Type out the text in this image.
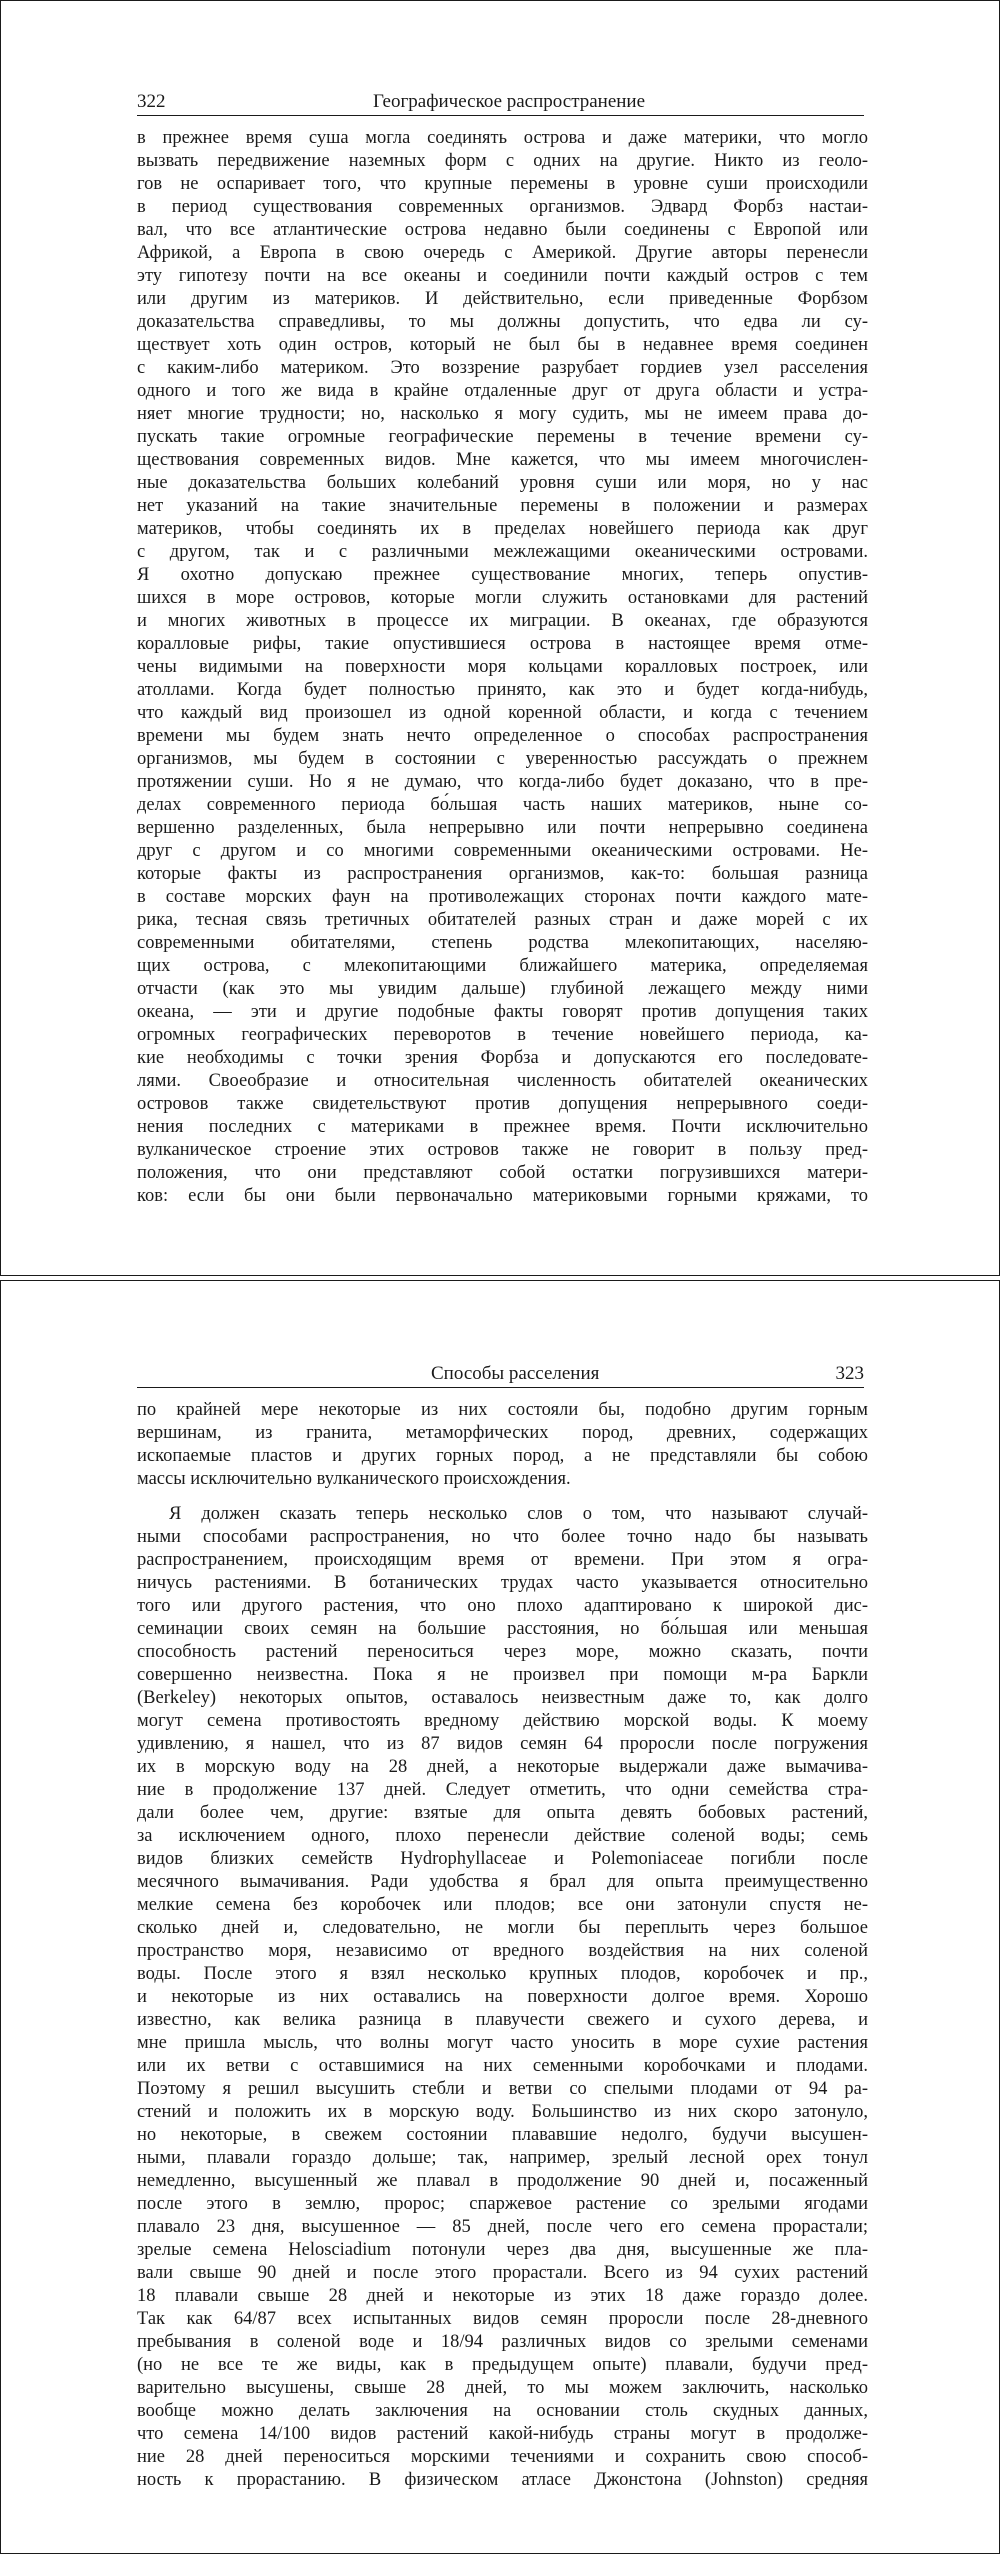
322	Географическое распространение
в прежнее время суша могла соединять острова и даже материки, что могло
вызвать передвижение наземных форм с одних на другие. Никто из геоло-
гов не оспаривает того, что крупные перемены в уровне суши происходили
в период существования современных организмов. Эдвард Форбз настаи-
вал, что все атлантические острова недавно были соединены с Европой или
Африкой, а Европа в свою очередь с Америкой. Другие авторы перенесли
эту гипотезу почти на все океаны и соединили почти каждый остров с тем
или другим из материков. И действительно, если приведенные Форбзом
доказательства справедливы, то мы должны допустить, что едва ли су-
ществует хоть один остров, который не был бы в недавнее время соединен
с каким-либо материком. Это воззрение разрубает гордиев узел расселения
одного и того же вида в крайне отдаленные друг от друга области и устра-
няет многие трудности; но, насколько я могу судить, мы не имеем права до-
пускать такие огромные географические перемены в течение времени су-
ществования современных видов. Мне кажется, что мы имеем многочислен-
ные доказательства больших колебаний уровня суши или моря, но у нас
нет указаний на такие значительные перемены в положении и размерах
материков, чтобы соединять их в пределах новейшего периода как друг
с другом, так и с различными межлежащими океаническими островами.
Я охотно допускаю прежнее существование многих, теперь опустив-
шихся в море островов, которые могли служить остановками для растений
и многих животных в процессе их миграции. В океанах, где образуются
коралловые рифы, такие опустившиеся острова в настоящее время отме-
чены видимыми на поверхности моря кольцами коралловых построек, или
атоллами. Когда будет полностью принято, как это и будет когда-нибудь,
что каждый вид произошел из одной коренной области, и когда с течением
времени мы будем знать нечто определенное о способах распространения
организмов, мы будем в состоянии с уверенностью рассуждать о прежнем
протяжении суши. Но я не думаю, что когда-либо будет доказано, что в пре-
делах современного периода бо́льшая часть наших материков, ныне со-
вершенно разделенных, была непрерывно или почти непрерывно соединена
друг с другом и со многими современными океаническими островами. Не-
которые факты из распространения организмов, как-то: большая разница
в составе морских фаун на противолежащих сторонах почти каждого мате-
рика, тесная связь третичных обитателей разных стран и даже морей с их
современными обитателями, степень родства млекопитающих, населяю-
щих острова, с млекопитающими ближайшего материка, определяемая
отчасти (как это мы увидим дальше) глубиной лежащего между ними
океана, — эти и другие подобные факты говорят против допущения таких
огромных географических переворотов в течение новейшего периода, ка-
кие необходимы с точки зрения Форбза и допускаются его последовате-
лями. Своеобразие и относительная численность обитателей океанических
островов также свидетельствуют против допущения непрерывного соеди-
нения последних с материками в прежнее время. Почти исключительно
вулканическое строение этих островов также не говорит в пользу пред-
положения, что они представляют собой остатки погрузившихся матери-
ков: если бы они были первоначально материковыми горными кряжами, то
Способы расселения	323
по крайней мере некоторые из них состояли бы, подобно другим горным
вершинам, из гранита, метаморфических пород, древних, содержащих
ископаемые пластов и других горных пород, а не представляли бы собою
массы исключительно вулканического происхождения.
Я должен сказать теперь несколько слов о том, что называют случай-
ными способами распространения, но что более точно надо бы называть
распространением, происходящим время от времени. При этом я огра-
ничусь растениями. В ботанических трудах часто указывается относительно
того или другого растения, что оно плохо адаптировано к широкой дис-
семинации своих семян на большие расстояния, но бо́льшая или меньшая
способность растений переноситься через море, можно сказать, почти
совершенно неизвестна. Пока я не произвел при помощи м-ра Баркли
(Berkeley) некоторых опытов, оставалось неизвестным даже то, как долго
могут семена противостоять вредному действию морской воды. К моему
удивлению, я нашел, что из 87 видов семян 64 проросли после погружения
их в морскую воду на 28 дней, а некоторые выдержали даже вымачива-
ние в продолжение 137 дней. Следует отметить, что одни семейства стра-
дали более чем, другие: взятые для опыта девять бобовых растений,
за исключением одного, плохо перенесли действие соленой воды; семь
видов близких семейств Hydrophyllaceae и Polemoniaceae погибли после
месячного вымачивания. Ради удобства я брал для опыта преимущественно
мелкие семена без коробочек или плодов; все они затонули спустя не-
сколько дней и, следовательно, не могли бы переплыть через большое
пространство моря, независимо от вредного воздействия на них соленой
воды. После этого я взял несколько крупных плодов, коробочек и пр.,
и некоторые из них оставались на поверхности долгое время. Хорошо
известно, как велика разница в плавучести свежего и сухого дерева, и
мне пришла мысль, что волны могут часто уносить в море сухие растения
или их ветви с оставшимися на них семенными коробочками и плодами.
Поэтому я решил высушить стебли и ветви со спелыми плодами от 94 ра-
стений и положить их в морскую воду. Большинство из них скоро затонуло,
но некоторые, в свежем состоянии плававшие недолго, будучи высушен-
ными, плавали гораздо дольше; так, например, зрелый лесной орех тонул
немедленно, высушенный же плавал в продолжение 90 дней и, посаженный
после этого в землю, пророс; спаржевое растение со зрелыми ягодами
плавало 23 дня, высушенное — 85 дней, после чего его семена прорастали;
зрелые семена Helosciadium потонули через два дня, высушенные же пла-
вали свыше 90 дней и после этого прорастали. Всего из 94 сухих растений
18 плавали свыше 28 дней и некоторые из этих 18 даже гораздо долее.
Так как 64/87 всех испытанных видов семян проросли после 28-дневного
пребывания в соленой воде и 18/94 различных видов со зрелыми семенами
(но не все те же виды, как в предыдущем опыте) плавали, будучи пред-
варительно высушены, свыше 28 дней, то мы можем заключить, насколько
вообще можно делать заключения на основании столь скудных данных,
что семена 14/100 видов растений какой-нибудь страны могут в продолже-
ние 28 дней переноситься морскими течениями и сохранить свою способ-
ность к прорастанию. В физическом атласе Джонстона (Johnston) средняя
